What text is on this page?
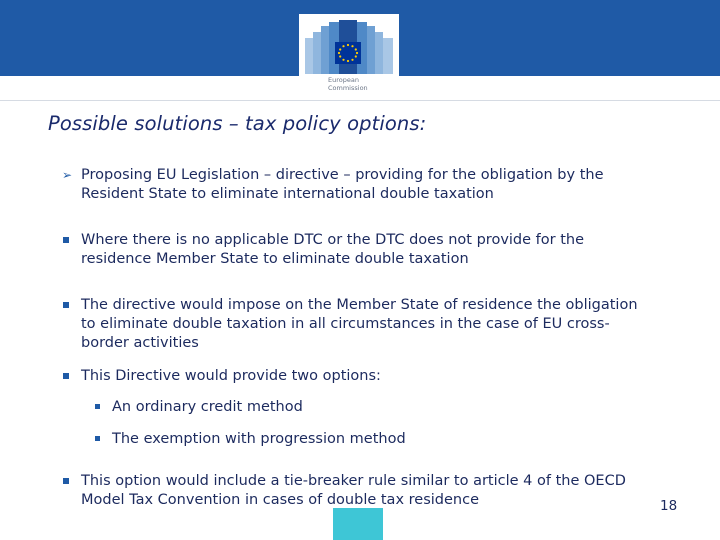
European
Commission
Possible solutions – tax policy options:
➢ Proposing EU Legislation – directive – providing for the obligation by the
Resident State to eliminate international double taxation
Where there is no applicable DTC or the DTC does not provide for the
residence Member State to eliminate double taxation
The directive would impose on the Member State of residence the obligation
to eliminate double taxation in all circumstances in the case of EU cross-
border activities
This Directive would provide two options:
An ordinary credit method
The exemption with progression method
This option would include a tie-breaker rule similar to article 4 of the OECD
Model Tax Convention in cases of double tax residence	18
